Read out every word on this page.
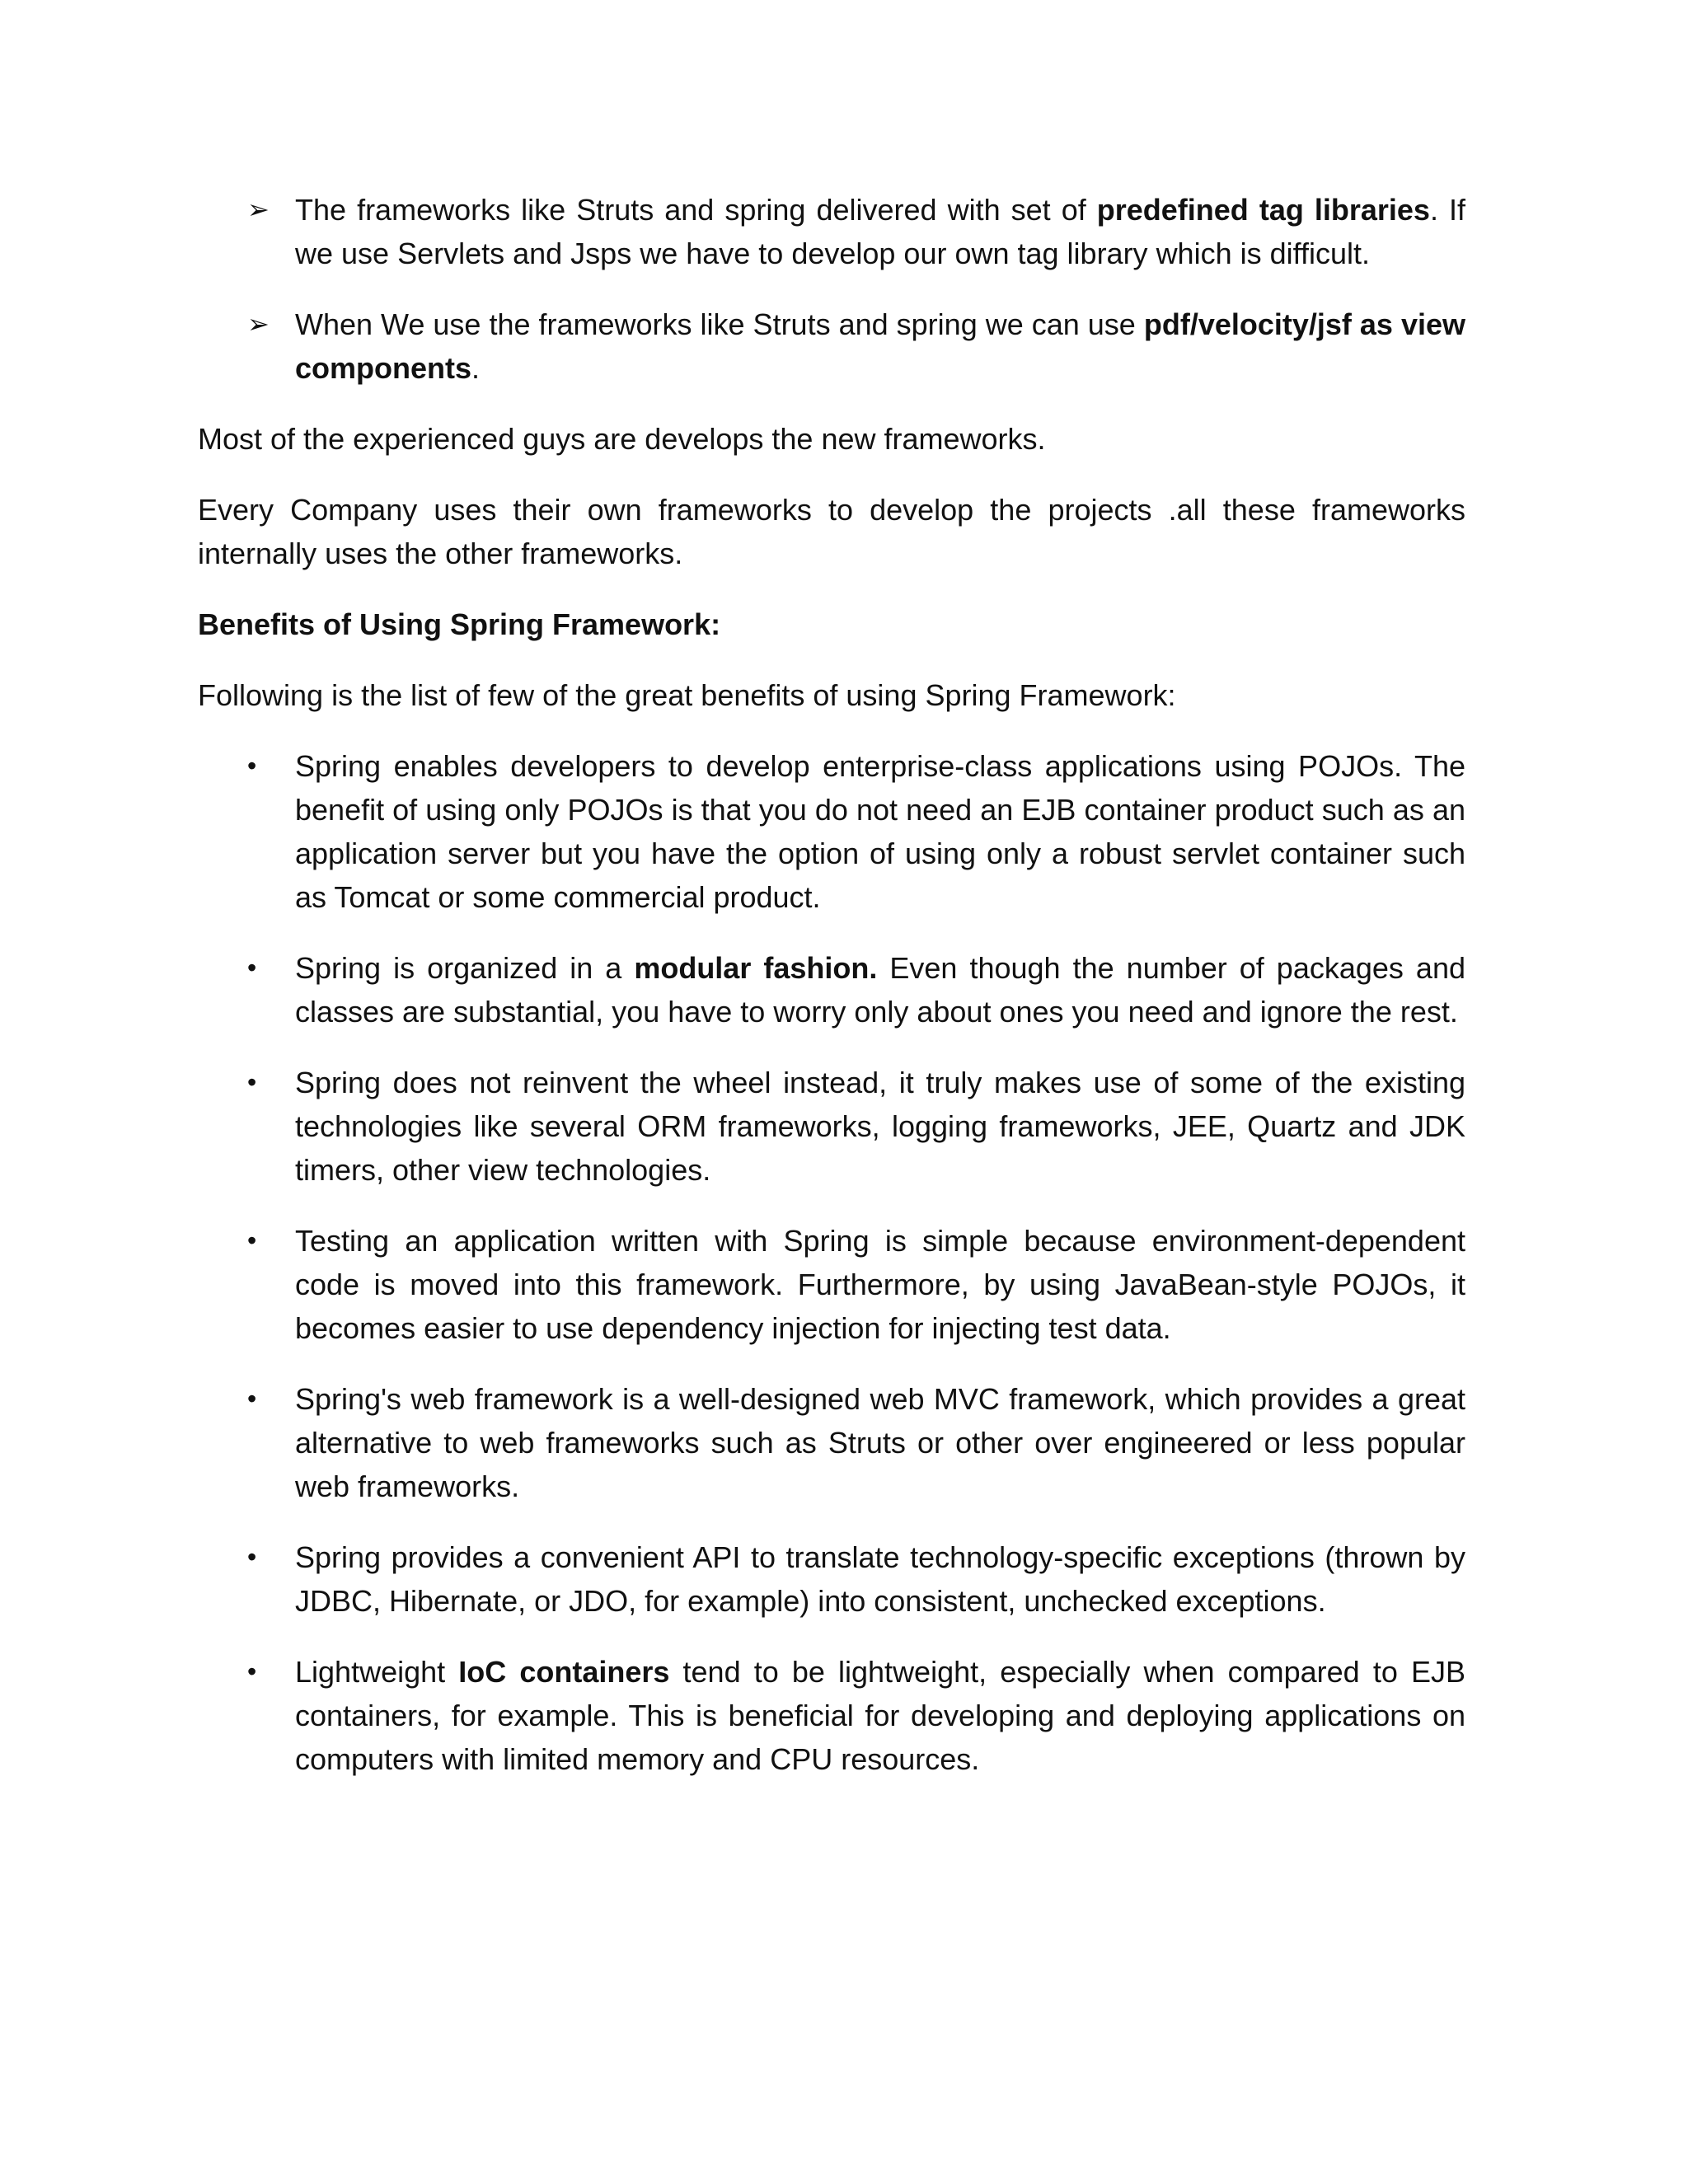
➢ The frameworks like Struts and spring delivered with set of predefined tag libraries. If we use Servlets and Jsps we have to develop our own tag library which is difficult.
➢ When We use the frameworks like Struts and spring we can use pdf/velocity/jsf as view components.

Most of the experienced guys are develops the new frameworks.

Every Company uses their own frameworks to develop the projects .all these frameworks internally uses the other frameworks.

Benefits of Using Spring Framework:

Following is the list of few of the great benefits of using Spring Framework:

• Spring enables developers to develop enterprise-class applications using POJOs. The benefit of using only POJOs is that you do not need an EJB container product such as an application server but you have the option of using only a robust servlet container such as Tomcat or some commercial product.
• Spring is organized in a modular fashion. Even though the number of packages and classes are substantial, you have to worry only about ones you need and ignore the rest.
• Spring does not reinvent the wheel instead, it truly makes use of some of the existing technologies like several ORM frameworks, logging frameworks, JEE, Quartz and JDK timers, other view technologies.
• Testing an application written with Spring is simple because environment-dependent code is moved into this framework. Furthermore, by using JavaBean-style POJOs, it becomes easier to use dependency injection for injecting test data.
• Spring's web framework is a well-designed web MVC framework, which provides a great alternative to web frameworks such as Struts or other over engineered or less popular web frameworks.
• Spring provides a convenient API to translate technology-specific exceptions (thrown by JDBC, Hibernate, or JDO, for example) into consistent, unchecked exceptions.
• Lightweight IoC containers tend to be lightweight, especially when compared to EJB containers, for example. This is beneficial for developing and deploying applications on computers with limited memory and CPU resources.
